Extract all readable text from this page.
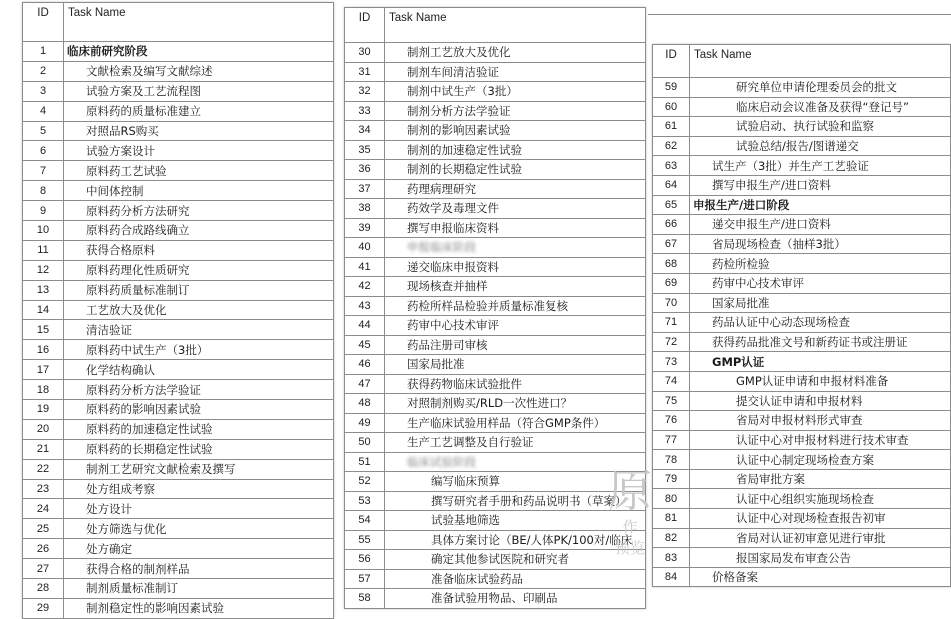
ID	Task Name
1	临床前研究阶段
2	文献检索及编写文献综述
3	试验方案及工艺流程图
4	原料药的质量标准建立
5	对照品RS购买
6	试验方案设计
7	原料药工艺试验
8	中间体控制
9	原料药分析方法研究
10	原料药合成路线确立
11	获得合格原料
12	原料药理化性质研究
13	原料药质量标准制订
14	工艺放大及优化
15	清洁验证
16	原料药中试生产（3批）
17	化学结构确认
18	原料药分析方法学验证
19	原料药的影响因素试验
20	原料药的加速稳定性试验
21	原料药的长期稳定性试验
22	制剂工艺研究文献检索及撰写
23	处方组成考察
24	处方设计
25	处方筛选与优化
26	处方确定
27	获得合格的制剂样品
28	制剂质量标准制订
29	制剂稳定性的影响因素试验
ID	Task Name
30	制剂工艺放大及优化
31	制剂车间清洁验证
32	制剂中试生产（3批）
33	制剂分析方法学验证
34	制剂的影响因素试验
35	制剂的加速稳定性试验
36	制剂的长期稳定性试验
37	药理病理研究
38	药效学及毒理文件
39	撰写申报临床资料
40	申报临床阶段
41	递交临床申报资料
42	现场核查并抽样
43	药检所样品检验并质量标准复核
44	药审中心技术审评
45	药品注册司审核
46	国家局批准
47	获得药物临床试验批件
48	对照制剂购买/RLD一次性进口？
49	生产临床试验用样品（符合GMP条件）
50	生产工艺调整及自行验证
51	临床试验阶段
52	编写临床预算
53	撰写研究者手册和药品说明书（草案）
54	试验基地筛选
55	具体方案讨论（BE/人体PK/100对/临床
56	确定其他参试医院和研究者
57	准备临床试验药品
58	准备试验用物品、印刷品
ID	Task Name
59	研究单位申请伦理委员会的批文
60	临床启动会议准备及获得“登记号”
61	试验启动、执行试验和监察
62	试验总结/报告/图谱递交
63	试生产（3批）并生产工艺验证
64	撰写申报生产/进口资料
65	申报生产/进口阶段
66	递交申报生产/进口资料
67	省局现场检查（抽样3批）
68	药检所检验
69	药审中心技术审评
70	国家局批准
71	药品认证中心动态现场检查
72	获得药品批准文号和新药证书或注册证
73	GMP认证
74	GMP认证申请和申报材料准备
75	提交认证申请和申报材料
76	省局对申报材料形式审查
77	认证中心对申报材料进行技术审查
78	认证中心制定现场检查方案
79	省局审批方案
80	认证中心组织实施现场检查
81	认证中心对现场检查报告初审
82	省局对认证初审意见进行审批
83	报国家局发布审查公告
84	价格备案
原
作
预览
